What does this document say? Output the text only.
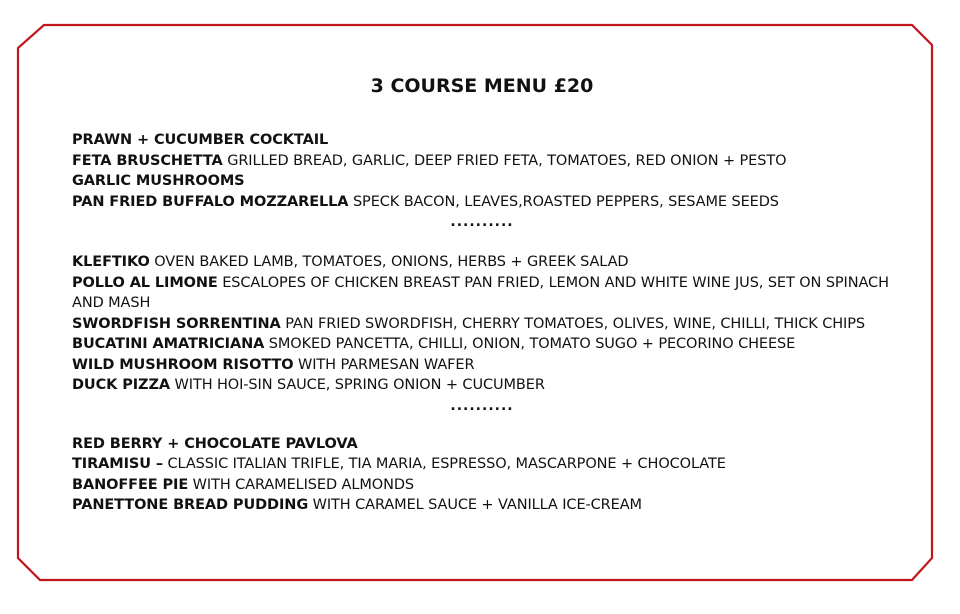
3 COURSE MENU £20
PRAWN + CUCUMBER COCKTAIL
FETA BRUSCHETTA GRILLED BREAD, GARLIC, DEEP FRIED FETA, TOMATOES, RED ONION + PESTO
GARLIC MUSHROOMS
PAN FRIED BUFFALO MOZZARELLA SPECK BACON, LEAVES,ROASTED PEPPERS, SESAME SEEDS
..........
KLEFTIKO OVEN BAKED LAMB, TOMATOES, ONIONS, HERBS + GREEK SALAD
POLLO AL LIMONE ESCALOPES OF CHICKEN BREAST PAN FRIED, LEMON AND WHITE WINE JUS, SET ON SPINACH AND MASH
SWORDFISH SORRENTINA PAN FRIED SWORDFISH, CHERRY TOMATOES, OLIVES, WINE, CHILLI, THICK CHIPS
BUCATINI AMATRICIANA SMOKED PANCETTA, CHILLI, ONION, TOMATO SUGO + PECORINO CHEESE
WILD MUSHROOM RISOTTO WITH PARMESAN WAFER
DUCK PIZZA WITH HOI-SIN SAUCE, SPRING ONION + CUCUMBER
..........
RED BERRY + CHOCOLATE PAVLOVA
TIRAMISU – CLASSIC ITALIAN TRIFLE, TIA MARIA, ESPRESSO, MASCARPONE + CHOCOLATE
BANOFFEE PIE WITH CARAMELISED ALMONDS
PANETTONE BREAD PUDDING WITH CARAMEL SAUCE + VANILLA ICE-CREAM
